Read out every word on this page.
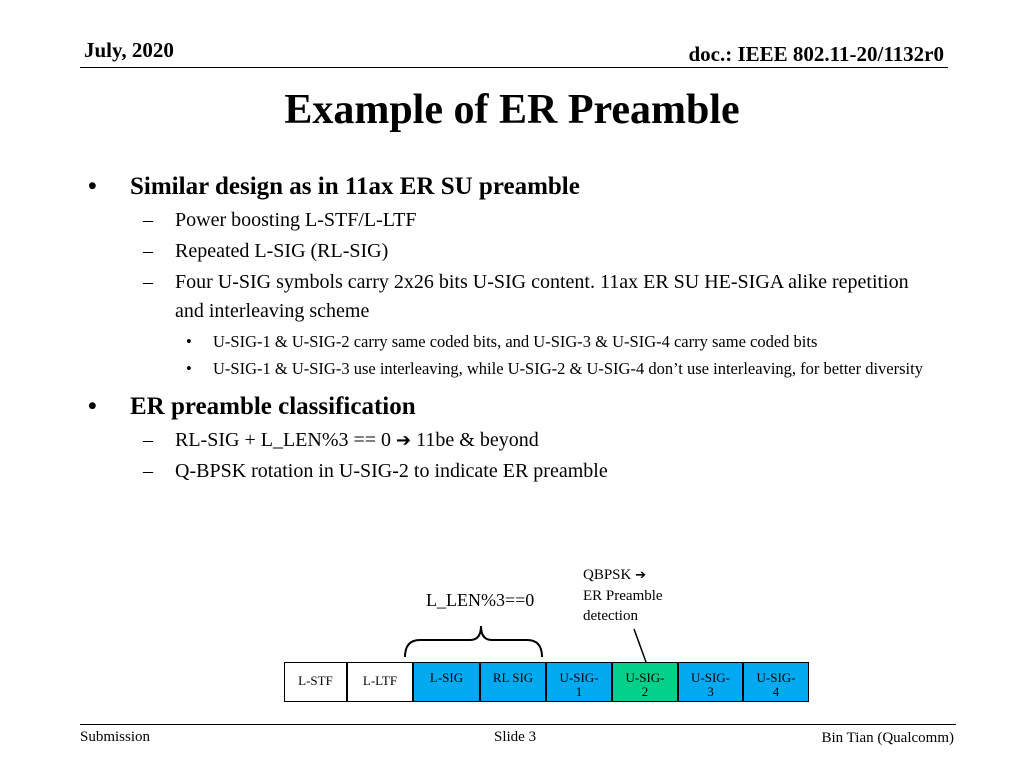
July, 2020	doc.: IEEE 802.11-20/1132r0
Example of ER Preamble
• Similar design as in 11ax ER SU preamble
– Power boosting L-STF/L-LTF
– Repeated L-SIG (RL-SIG)
– Four U-SIG symbols carry 2x26 bits U-SIG content. 11ax ER SU HE-SIGA alike repetition and interleaving scheme
• U-SIG-1 & U-SIG-2 carry same coded bits, and U-SIG-3 & U-SIG-4 carry same coded bits
• U-SIG-1 & U-SIG-3 use interleaving, while U-SIG-2 & U-SIG-4 don’t use interleaving, for better diversity
• ER preamble classification
– RL-SIG + L_LEN%3 == 0 ➔ 11be & beyond
– Q-BPSK rotation in U-SIG-2 to indicate ER preamble
QBPSK ➔
ER Preamble
detection
L_LEN%3==0
L-STF	L-LTF	L-SIG	RL SIG	U-SIG-
1
U-SIG-
2
U-SIG-
3
U-SIG-
4
Submission	Slide 3	Bin Tian (Qualcomm)
